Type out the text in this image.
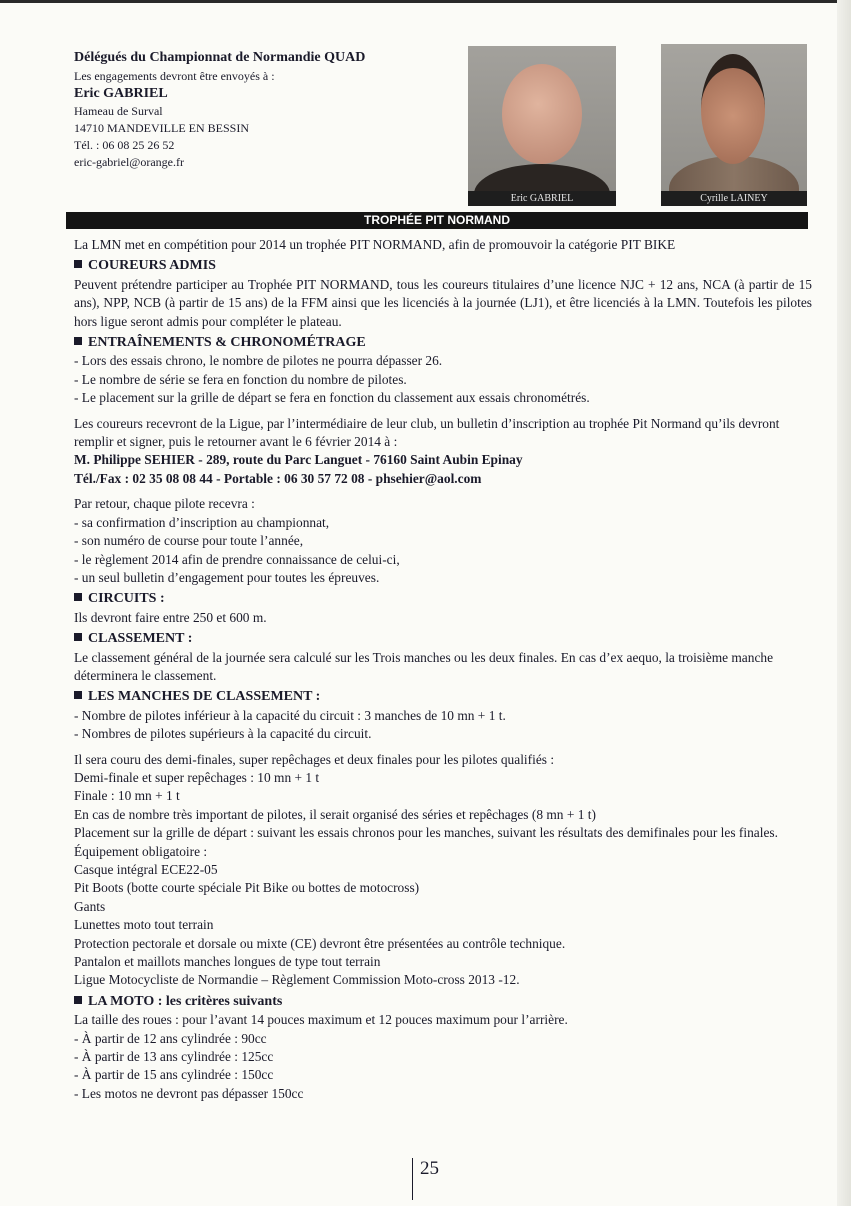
Délégués du Championnat de Normandie QUAD
Les engagements devront être envoyés à :
Eric GABRIEL
Hameau de Surval
14710 MANDEVILLE EN BESSIN
Tél. : 06 08 25 26 52
eric-gabriel@orange.fr
Eric GABRIEL	Cyrille LAINEY
TROPHÉE PIT NORMAND

La LMN met en compétition pour 2014 un trophée PIT NORMAND, afin de promouvoir la catégorie PIT BIKE

COUREURS ADMIS

Peuvent prétendre participer au Trophée PIT NORMAND, tous les coureurs titulaires d’une licence NJC + 12 ans, NCA (à partir de 15 ans), NPP, NCB (à partir de 15 ans) de la FFM ainsi que les licenciés à la journée (LJ1), et être licenciés à la LMN. Toutefois les pilotes hors ligue seront admis pour compléter le plateau.

ENTRAÎNEMENTS & CHRONOMÉTRAGE

- Lors des essais chrono, le nombre de pilotes ne pourra dépasser 26.

- Le nombre de série se fera en fonction du nombre de pilotes.

- Le placement sur la grille de départ se fera en fonction du classement aux essais chronométrés.

Les coureurs recevront de la Ligue, par l’intermédiaire de leur club, un bulletin d’inscription au trophée Pit Normand qu’ils devront remplir et signer, puis le retourner avant le 6 février 2014 à :

M. Philippe SEHIER - 289, route du Parc Languet - 76160 Saint Aubin Epinay

Tél./Fax : 02 35 08 08 44 - Portable : 06 30 57 72 08 - phsehier@aol.com

Par retour, chaque pilote recevra :

- sa confirmation d’inscription au championnat,

- son numéro de course pour toute l’année,

- le règlement 2014 afin de prendre connaissance de celui-ci,

- un seul bulletin d’engagement pour toutes les épreuves.

CIRCUITS :

Ils devront faire entre 250 et 600 m.

CLASSEMENT :

Le classement général de la journée sera calculé sur les Trois manches ou les deux finales. En cas d’ex aequo, la troisième manche déterminera le classement.

LES MANCHES DE CLASSEMENT :

- Nombre de pilotes inférieur à la capacité du circuit : 3 manches de 10 mn + 1 t.

- Nombres de pilotes supérieurs à la capacité du circuit.

Il sera couru des demi-finales, super repêchages et deux finales pour les pilotes qualifiés :

Demi-finale et super repêchages : 10 mn + 1 t

Finale : 10 mn + 1 t

En cas de nombre très important de pilotes, il serait organisé des séries et repêchages (8 mn + 1 t)

Placement sur la grille de départ : suivant les essais chronos pour les manches, suivant les résultats des demifinales pour les finales.

Équipement obligatoire :

Casque intégral ECE22-05

Pit Boots (botte courte spéciale Pit Bike ou bottes de motocross)

Gants

Lunettes moto tout terrain

Protection pectorale et dorsale ou mixte (CE) devront être présentées au contrôle technique.

Pantalon et maillots manches longues de type tout terrain

Ligue Motocycliste de Normandie – Règlement Commission Moto-cross 2013 -12.

LA MOTO : les critères suivants

La taille des roues : pour l’avant 14 pouces maximum et 12 pouces maximum pour l’arrière.

- À partir de 12 ans cylindrée : 90cc

- À partir de 13 ans cylindrée : 125cc

- À partir de 15 ans cylindrée : 150cc

- Les motos ne devront pas dépasser 150cc

25
